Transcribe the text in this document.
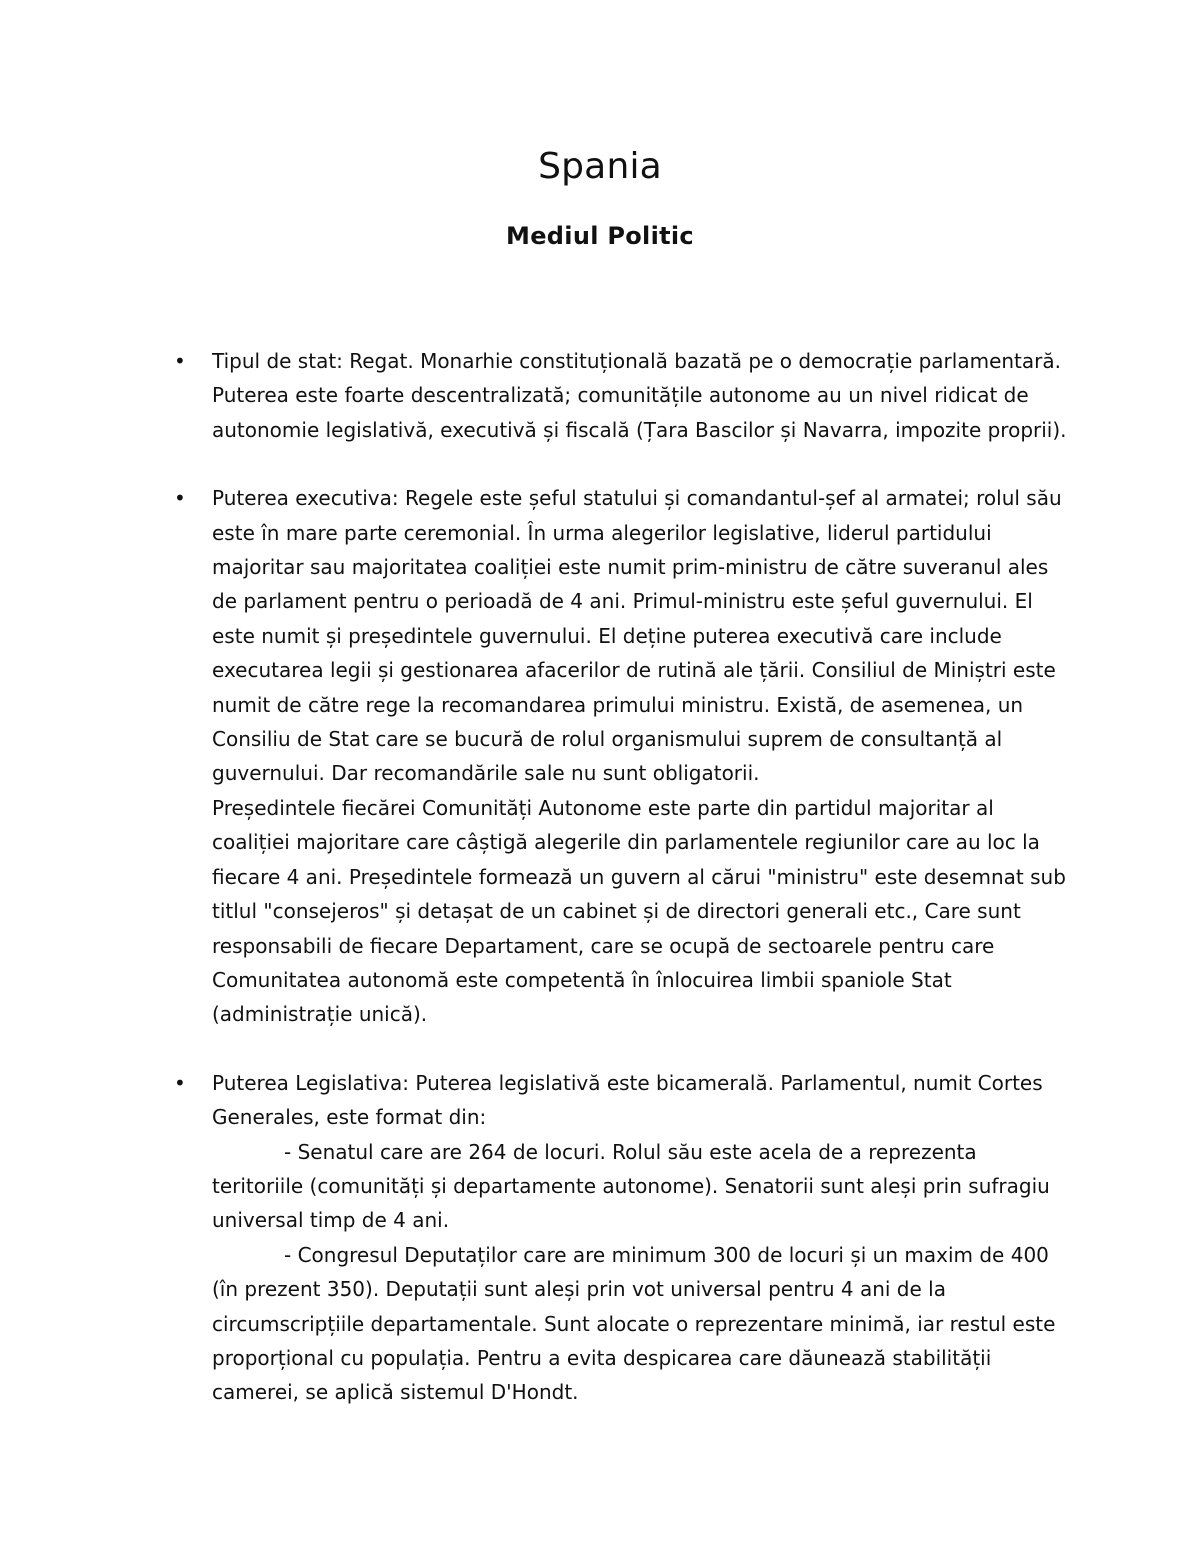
Spania
Mediul Politic
• Tipul de stat: Regat. Monarhie constituțională bazată pe o democrație parlamentară.
Puterea este foarte descentralizată; comunitățile autonome au un nivel ridicat de
autonomie legislativă, executivă și fiscală (Țara Bascilor și Navarra, impozite proprii).
• Puterea executiva: Regele este șeful statului și comandantul-șef al armatei; rolul său
este în mare parte ceremonial. În urma alegerilor legislative, liderul partidului
majoritar sau majoritatea coaliției este numit prim-ministru de către suveranul ales
de parlament pentru o perioadă de 4 ani. Primul-ministru este șeful guvernului. El
este numit și președintele guvernului. El deține puterea executivă care include
executarea legii și gestionarea afacerilor de rutină ale țării. Consiliul de Miniștri este
numit de către rege la recomandarea primului ministru. Există, de asemenea, un
Consiliu de Stat care se bucură de rolul organismului suprem de consultanță al
guvernului. Dar recomandările sale nu sunt obligatorii.
Președintele fiecărei Comunități Autonome este parte din partidul majoritar al
coaliției majoritare care câștigă alegerile din parlamentele regiunilor care au loc la
fiecare 4 ani. Președintele formează un guvern al cărui "ministru" este desemnat sub
titlul "consejeros" și detașat de un cabinet și de directori generali etc., Care sunt
responsabili de fiecare Departament, care se ocupă de sectoarele pentru care
Comunitatea autonomă este competentă în înlocuirea limbii spaniole Stat
(administrație unică).
• Puterea Legislativa: Puterea legislativă este bicamerală. Parlamentul, numit Cortes
Generales, este format din:
- Senatul care are 264 de locuri. Rolul său este acela de a reprezenta
teritoriile (comunități și departamente autonome). Senatorii sunt aleși prin sufragiu
universal timp de 4 ani.
- Congresul Deputaților care are minimum 300 de locuri și un maxim de 400
(în prezent 350). Deputații sunt aleși prin vot universal pentru 4 ani de la
circumscripțiile departamentale. Sunt alocate o reprezentare minimă, iar restul este
proporțional cu populația. Pentru a evita despicarea care dăunează stabilității
camerei, se aplică sistemul D'Hondt.
